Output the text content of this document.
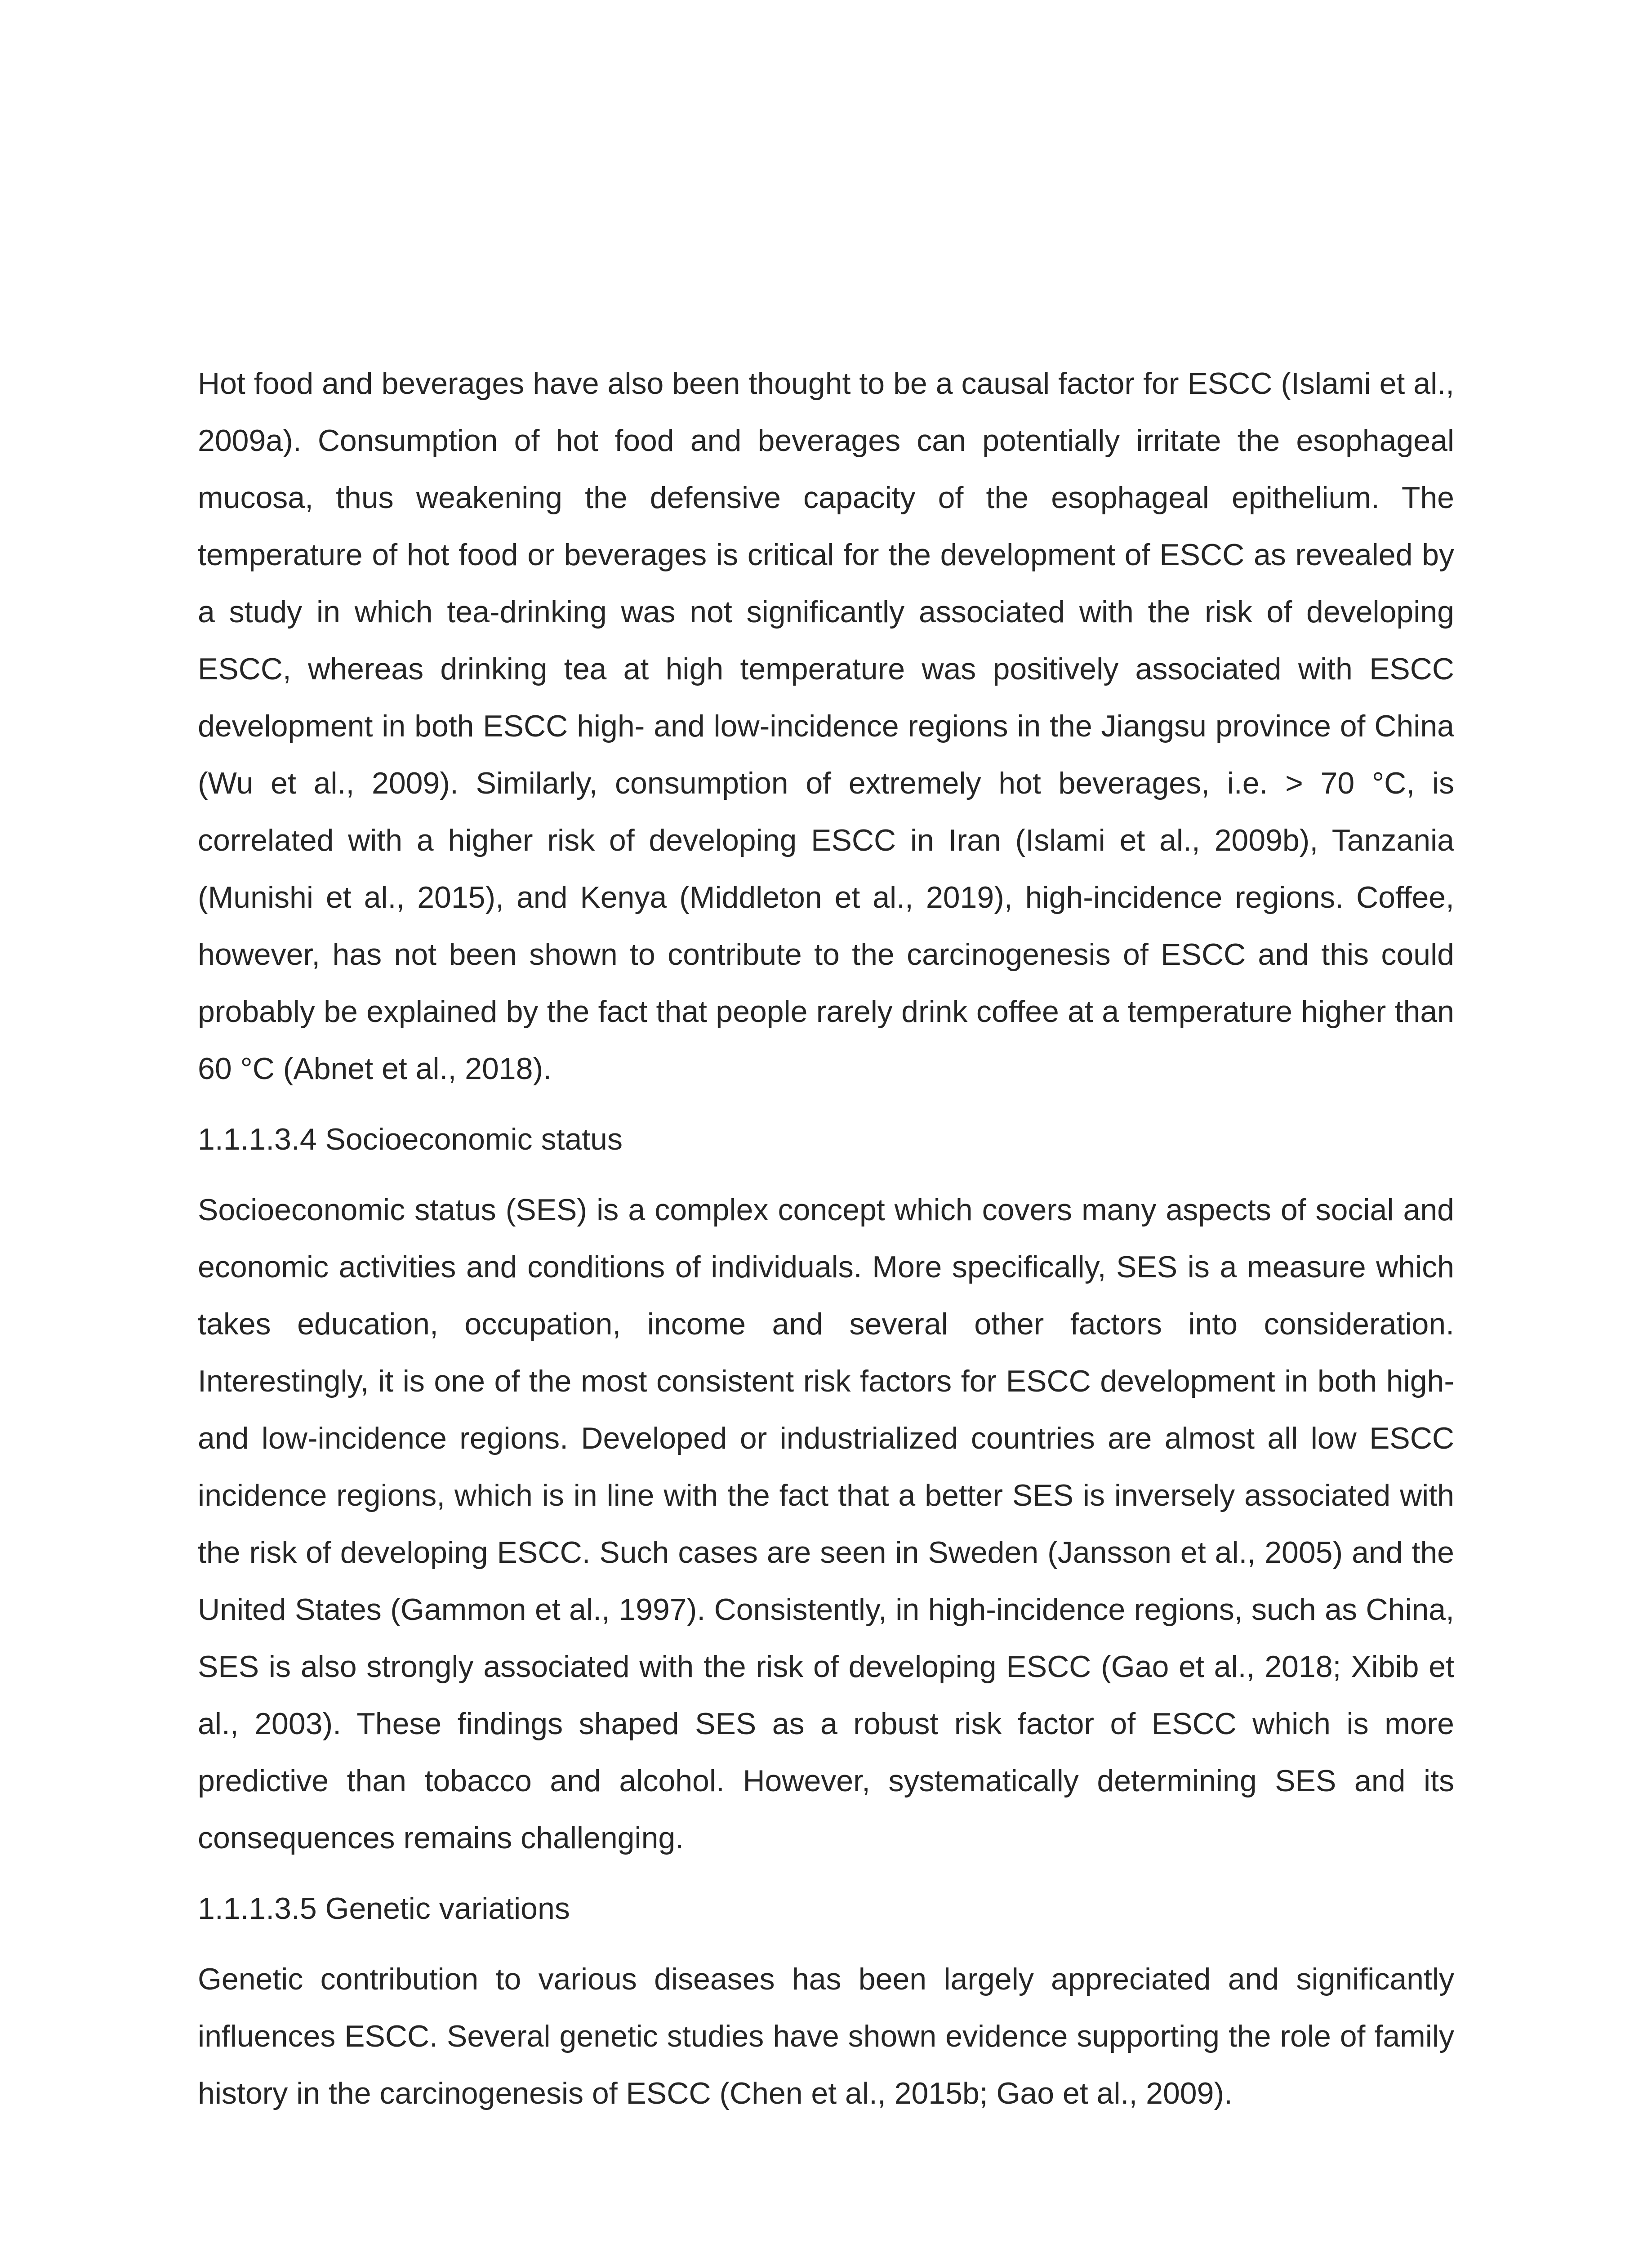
Hot food and beverages have also been thought to be a causal factor for ESCC (Islami et al., 2009a). Consumption of hot food and beverages can potentially irritate the esophageal mucosa, thus weakening the defensive capacity of the esophageal epithelium. The temperature of hot food or beverages is critical for the development of ESCC as revealed by a study in which tea-drinking was not significantly associated with the risk of developing ESCC, whereas drinking tea at high temperature was positively associated with ESCC development in both ESCC high- and low-incidence regions in the Jiangsu province of China (Wu et al., 2009). Similarly, consumption of extremely hot beverages, i.e. > 70 °C, is correlated with a higher risk of developing ESCC in Iran (Islami et al., 2009b), Tanzania (Munishi et al., 2015), and Kenya (Middleton et al., 2019), high-incidence regions. Coffee, however, has not been shown to contribute to the carcinogenesis of ESCC and this could probably be explained by the fact that people rarely drink coffee at a temperature higher than 60 °C (Abnet et al., 2018).

1.1.1.3.4 Socioeconomic status

Socioeconomic status (SES) is a complex concept which covers many aspects of social and economic activities and conditions of individuals. More specifically, SES is a measure which takes education, occupation, income and several other factors into consideration. Interestingly, it is one of the most consistent risk factors for ESCC development in both high- and low-incidence regions. Developed or industrialized countries are almost all low ESCC incidence regions, which is in line with the fact that a better SES is inversely associated with the risk of developing ESCC. Such cases are seen in Sweden (Jansson et al., 2005) and the United States (Gammon et al., 1997). Consistently, in high-incidence regions, such as China, SES is also strongly associated with the risk of developing ESCC (Gao et al., 2018; Xibib et al., 2003). These findings shaped SES as a robust risk factor of ESCC which is more predictive than tobacco and alcohol. However, systematically determining SES and its consequences remains challenging.

1.1.1.3.5 Genetic variations

Genetic contribution to various diseases has been largely appreciated and significantly influences ESCC. Several genetic studies have shown evidence supporting the role of family history in the carcinogenesis of ESCC (Chen et al., 2015b; Gao et al., 2009).
